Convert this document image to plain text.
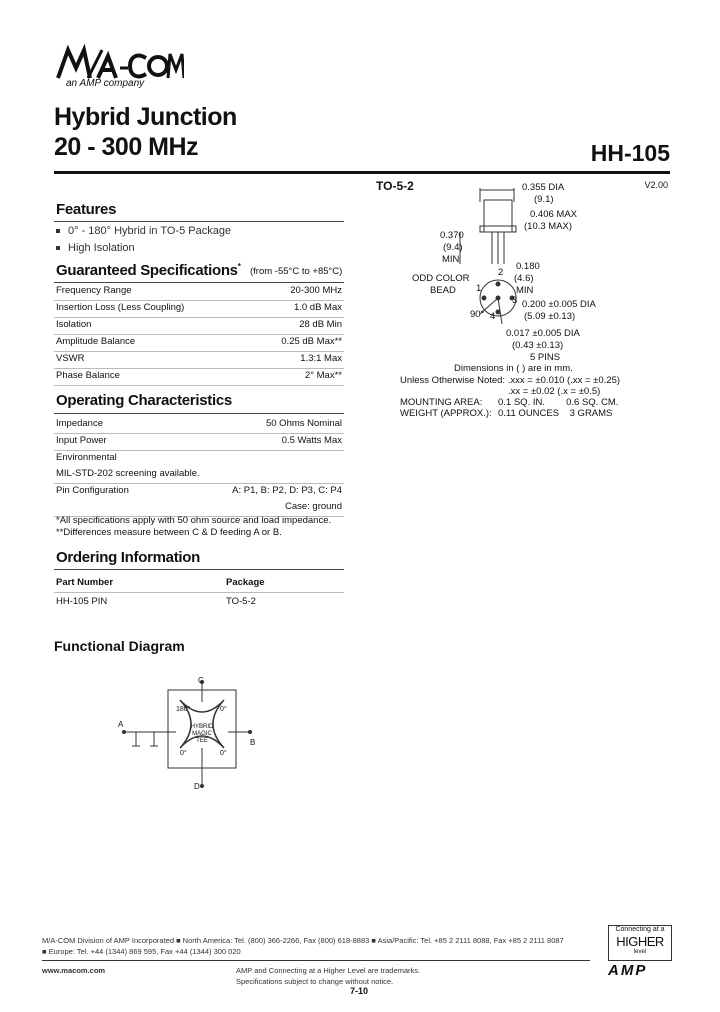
an AMP company
Hybrid Junction
20 - 300 MHz	HH-105
V2.00
Features
0° - 180° Hybrid in TO-5 Package
High Isolation
Guaranteed Specifications* (from -55°C to +85°C)
Frequency Range	20-300 MHz
Insertion Loss (Less Coupling)	1.0 dB Max
Isolation	28 dB Min
Amplitude Balance	0.25 dB Max**
VSWR	1.3:1 Max
Phase Balance	2° Max**
Operating Characteristics
Impedance	50 Ohms Nominal
Input Power	0.5 Watts Max
Environmental	
MIL-STD-202 screening available.	
Pin Configuration	A: P1, B: P2, D: P3, C: P4
	Case: ground
*All specifications apply with 50 ohm source and load impedance.
**Differences measure between C & D feeding A or B.
Ordering Information
Part Number	Package
HH-105 PIN	TO-5-2
Functional Diagram
C
D
A
B
180°	0°
0°	0°
HYBRID
MAGIC
TEE
TO-5-2	0.355 DIA
(9.1)
0.406 MAX
(10.3 MAX)
0.370
(9.4)
MIN
0.180
(4.6)
MIN
ODD COLOR
BEAD 1
2
3
4
0.200 ±0.005 DIA
(5.09 ±0.13)
90°
0.017 ±0.005 DIA
(0.43 ±0.13)
5 PINS
Dimensions in ( ) are in mm.
Unless Otherwise Noted: .xxx = ±0.010 (.xx = ±0.25)
.xx = ±0.02 (.x = ±0.5)
MOUNTING AREA: 0.1 SQ. IN.        0.6 SQ. CM.
WEIGHT (APPROX.): 0.11 OUNCES    3 GRAMS
M/A-COM Division of AMP Incorporated ■ North America: Tel. (800) 366-2266, Fax (800) 618-8883 ■ Asia/Pacific: Tel. +85 2 2111 8088, Fax +85 2 2111 8087
■ Europe: Tel. +44 (1344) 869 595, Fax +44 (1344) 300 020
www.macom.com	AMP and Connecting at a Higher Level are trademarks.
Specifications subject to change without notice.
7-10
Connecting at a
HIGHER
level
AMP
